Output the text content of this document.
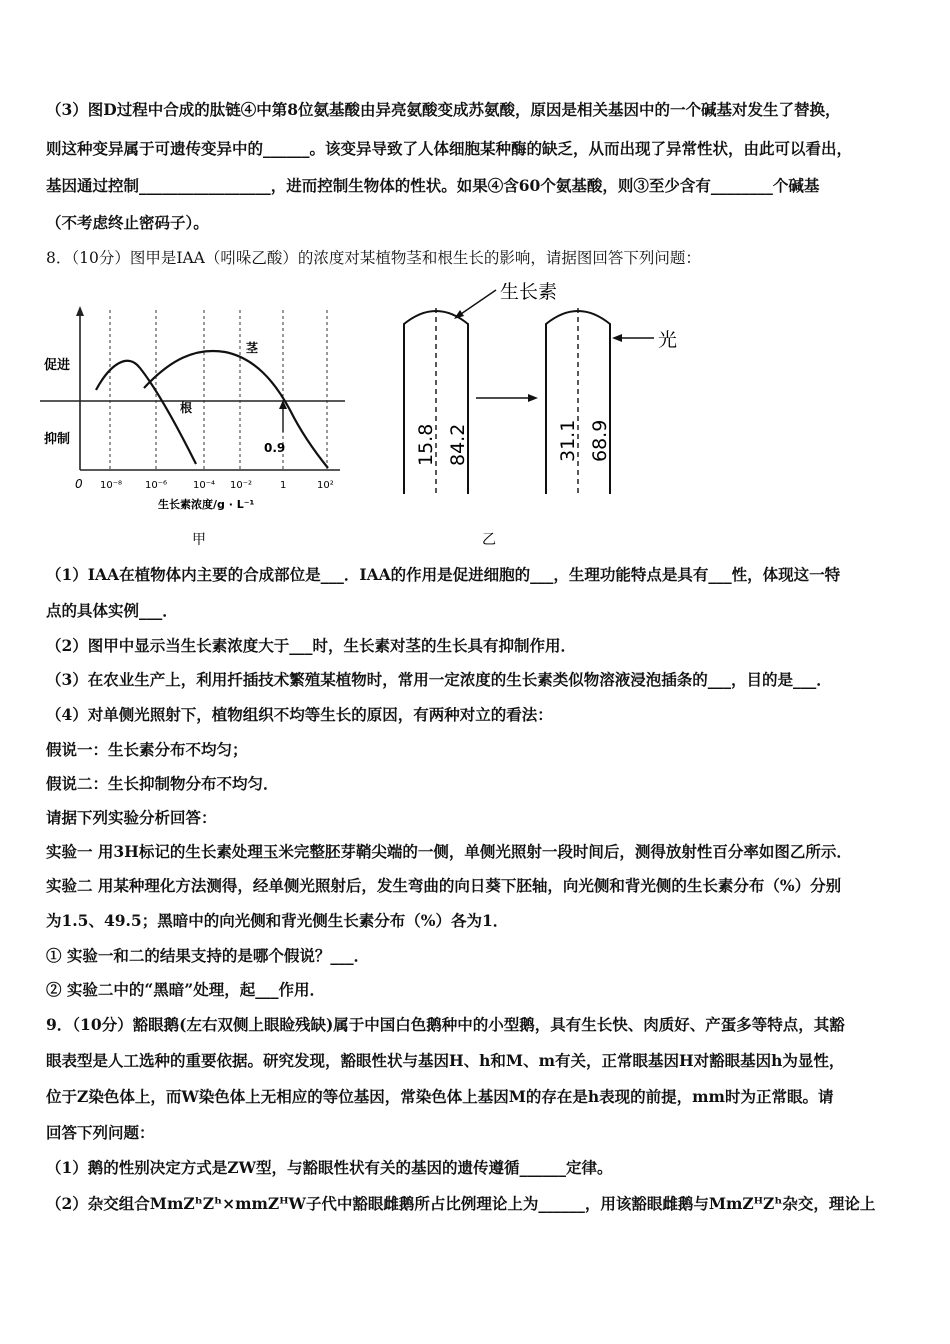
（3）图D过程中合成的肽链④中第8位氨基酸由异亮氨酸变成苏氨酸，原因是相关基因中的一个碱基对发生了替换，
则这种变异属于可遗传变异中的______。该变异导致了人体细胞某种酶的缺乏，从而出现了异常性状，由此可以看出，
基因通过控制_________________，进而控制生物体的性状。如果④含60个氨基酸，则③至少含有________个碱基
（不考虑终止密码子）。
8．（10分）图甲是IAA（吲哚乙酸）的浓度对某植物茎和根生长的影响，请据图回答下列问题：
促进
抑制
茎
根
0.9
0 10⁻⁸ 10⁻⁶	10⁻⁴ 10⁻²	1	10²
生长素浓度/g · L⁻¹
甲
生长素
光
15.8 84.2	31.1 68.9
乙
（1）IAA在植物体内主要的合成部位是___．IAA的作用是促进细胞的___，生理功能特点是具有___性，体现这一特
点的具体实例___．
（2）图甲中显示当生长素浓度大于___时，生长素对茎的生长具有抑制作用．
（3）在农业生产上，利用扦插技术繁殖某植物时，常用一定浓度的生长素类似物溶液浸泡插条的___，目的是___．
（4）对单侧光照射下，植物组织不均等生长的原因，有两种对立的看法：
假说一：生长素分布不均匀；
假说二：生长抑制物分布不均匀．
请据下列实验分析回答：
实验一 用3H标记的生长素处理玉米完整胚芽鞘尖端的一侧，单侧光照射一段时间后，测得放射性百分率如图乙所示．
实验二 用某种理化方法测得，经单侧光照射后，发生弯曲的向日葵下胚轴，向光侧和背光侧的生长素分布（%）分别
为1.5、49.5；黑暗中的向光侧和背光侧生长素分布（%）各为1．
① 实验一和二的结果支持的是哪个假说？___．
② 实验二中的“黑暗”处理，起___作用．
9．（10分）豁眼鹅(左右双侧上眼睑残缺)属于中国白色鹅种中的小型鹅，具有生长快、肉质好、产蛋多等特点，其豁
眼表型是人工选种的重要依据。研究发现，豁眼性状与基因H、h和M、m有关，正常眼基因H对豁眼基因h为显性，
位于Z染色体上，而W染色体上无相应的等位基因，常染色体上基因M的存在是h表现的前提，mm时为正常眼。请
回答下列问题：
（1）鹅的性别决定方式是ZW型，与豁眼性状有关的基因的遗传遵循______定律。
（2）杂交组合MmZʰZʰ×mmZᴴW子代中豁眼雌鹅所占比例理论上为______，用该豁眼雌鹅与MmZᴴZʰ杂交，理论上
